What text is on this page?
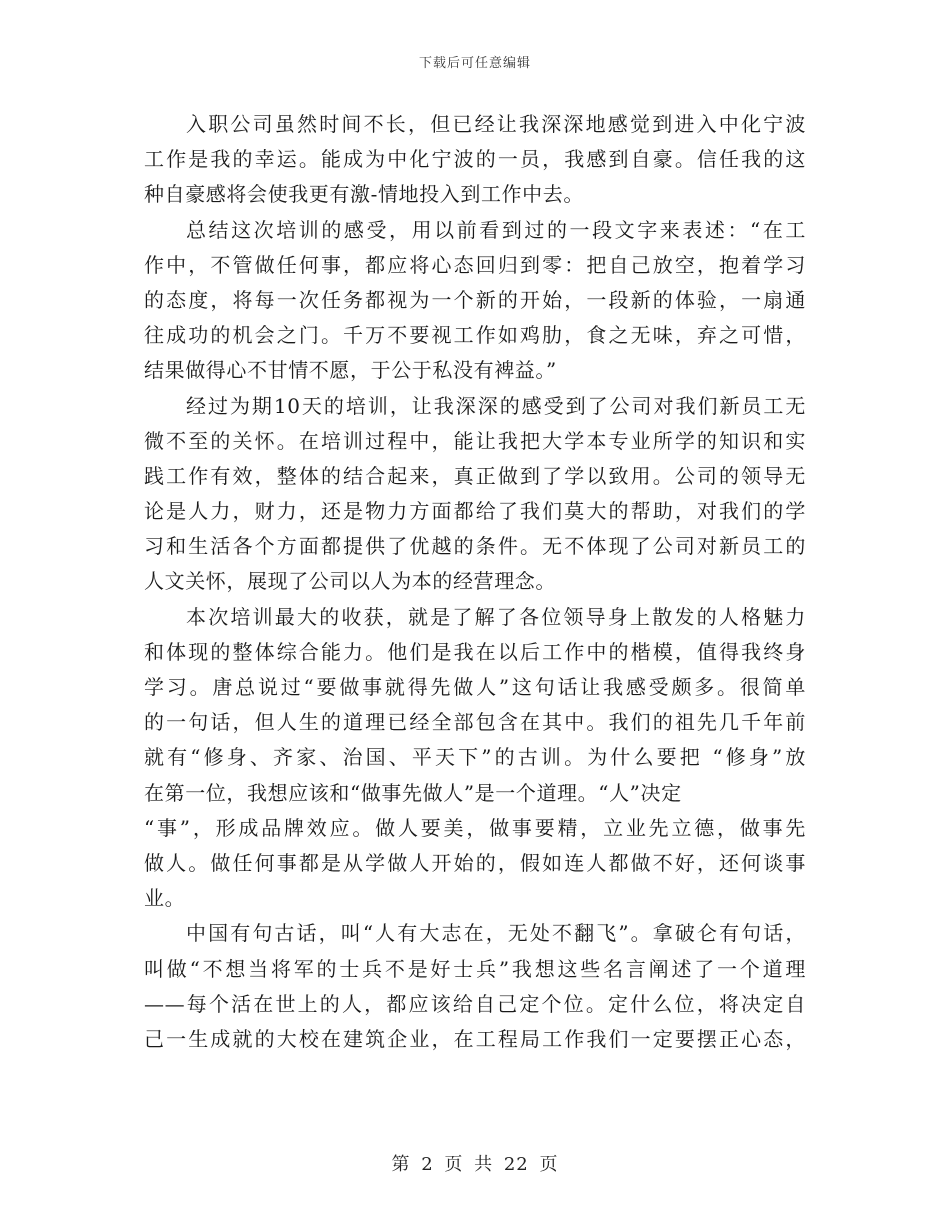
下载后可任意编辑
入职公司虽然时间不长，但已经让我深深地感觉到进入中化宁波
工作是我的幸运。能成为中化宁波的一员，我感到自豪。信任我的这
种自豪感将会使我更有激-情地投入到工作中去。
总结这次培训的感受，用以前看到过的一段文字来表述：“在工
作中，不管做任何事，都应将心态回归到零：把自己放空，抱着学习
的态度，将每一次任务都视为一个新的开始，一段新的体验，一扇通
往成功的机会之门。千万不要视工作如鸡肋，食之无味，弃之可惜，
结果做得心不甘情不愿，于公于私没有裨益。”
经过为期10天的培训，让我深深的感受到了公司对我们新员工无
微不至的关怀。在培训过程中，能让我把大学本专业所学的知识和实
践工作有效，整体的结合起来，真正做到了学以致用。公司的领导无
论是人力，财力，还是物力方面都给了我们莫大的帮助，对我们的学
习和生活各个方面都提供了优越的条件。无不体现了公司对新员工的
人文关怀，展现了公司以人为本的经营理念。
本次培训最大的收获，就是了解了各位领导身上散发的人格魅力
和体现的整体综合能力。他们是我在以后工作中的楷模，值得我终身
学习。唐总说过“要做事就得先做人”这句话让我感受颇多。很简单
的一句话，但人生的道理已经全部包含在其中。我们的祖先几千年前
就有“修身、齐家、治国、平天下”的古训。为什么要把 “修身”放
在第一位，我想应该和“做事先做人”是一个道理。“人”决定
“事”，形成品牌效应。做人要美，做事要精，立业先立德，做事先
做人。做任何事都是从学做人开始的，假如连人都做不好，还何谈事
业。
中国有句古话，叫“人有大志在，无处不翻飞”。拿破仑有句话，
叫做“不想当将军的士兵不是好士兵”我想这些名言阐述了一个道理
——每个活在世上的人，都应该给自己定个位。定什么位，将决定自
己一生成就的大校在建筑企业，在工程局工作我们一定要摆正心态，
第 2 页 共 22 页
